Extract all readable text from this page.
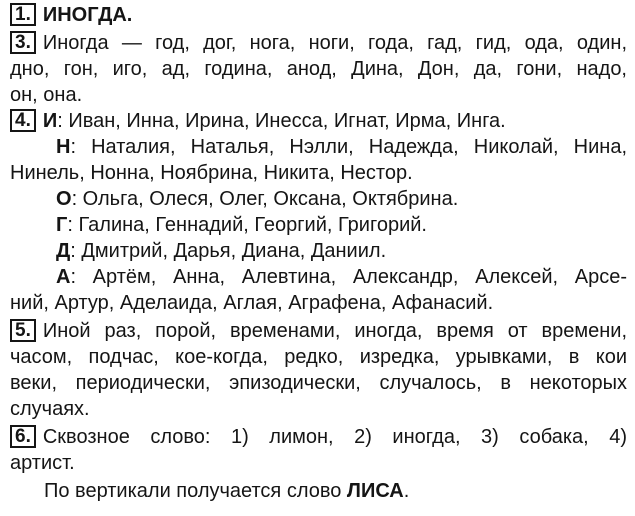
1. ИНОГДА.
3. Иногда — год, дог, нога, ноги, года, гад, гид, ода, один,
дно, гон, иго, ад, година, анод, Дина, Дон, да, гони, надо,
он, она.
4. И: Иван, Инна, Ирина, Инесса, Игнат, Ирма, Инга.
Н: Наталия, Наталья, Нэлли, Надежда, Николай, Нина,
Нинель, Нонна, Ноябрина, Никита, Нестор.
О: Ольга, Олеся, Олег, Оксана, Октябрина.
Г: Галина, Геннадий, Георгий, Григорий.
Д: Дмитрий, Дарья, Диана, Даниил.
А: Артём, Анна, Алевтина, Александр, Алексей, Арсе-
ний, Артур, Аделаида, Аглая, Аграфена, Афанасий.
5. Иной раз, порой, временами, иногда, время от времени,
часом, подчас, кое-когда, редко, изредка, урывками, в кои
веки, периодически, эпизодически, случалось, в некоторых
случаях.
6. Сквозное слово: 1) лимон, 2) иногда, 3) собака, 4)
артист.
По вертикали получается слово ЛИСА.
